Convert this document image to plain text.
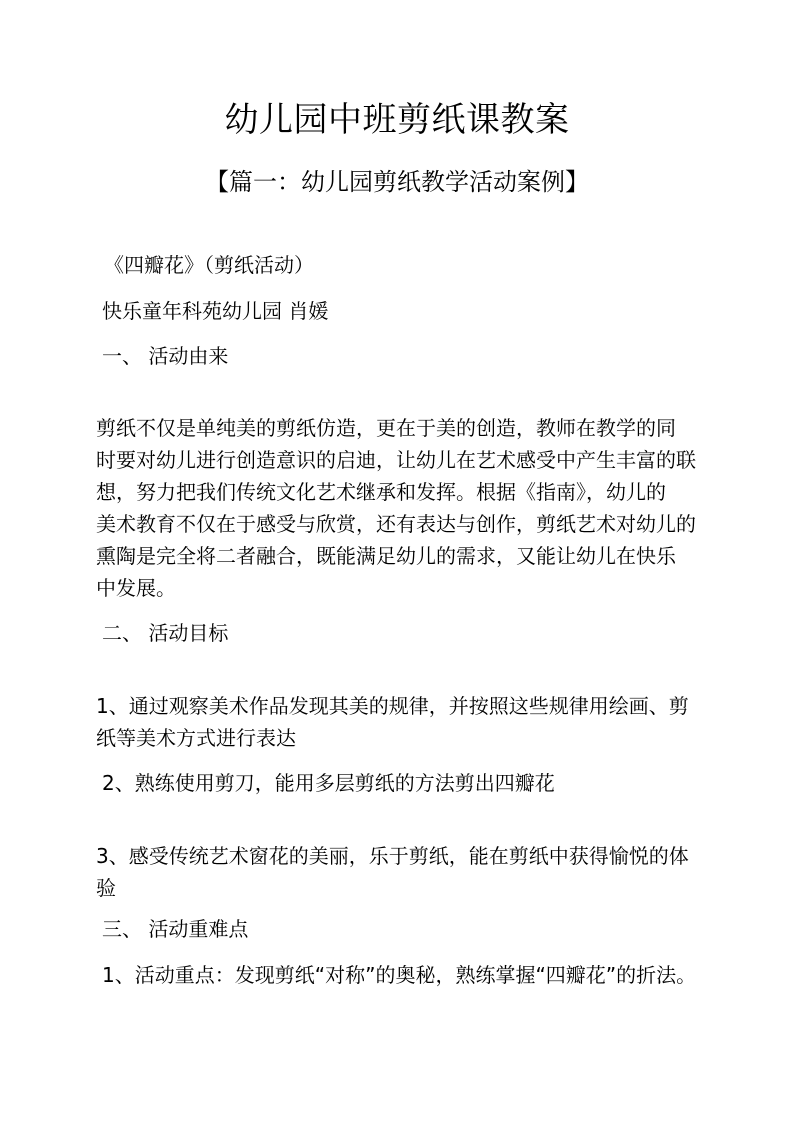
幼儿园中班剪纸课教案
【篇一：幼儿园剪纸教学活动案例】

《四瓣花》（剪纸活动）

快乐童年科苑幼儿园 肖媛

一、 活动由来

剪纸不仅是单纯美的剪纸仿造，更在于美的创造，教师在教学的同
时要对幼儿进行创造意识的启迪，让幼儿在艺术感受中产生丰富的联
想，努力把我们传统文化艺术继承和发挥。根据《指南》，幼儿的
美术教育不仅在于感受与欣赏，还有表达与创作，剪纸艺术对幼儿的
熏陶是完全将二者融合，既能满足幼儿的需求，又能让幼儿在快乐
中发展。

二、 活动目标

1、通过观察美术作品发现其美的规律，并按照这些规律用绘画、剪
纸等美术方式进行表达

2、熟练使用剪刀，能用多层剪纸的方法剪出四瓣花

3、感受传统艺术窗花的美丽，乐于剪纸，能在剪纸中获得愉悦的体
验

三、 活动重难点

1、活动重点：发现剪纸“对称”的奥秘，熟练掌握“四瓣花”的折法。
